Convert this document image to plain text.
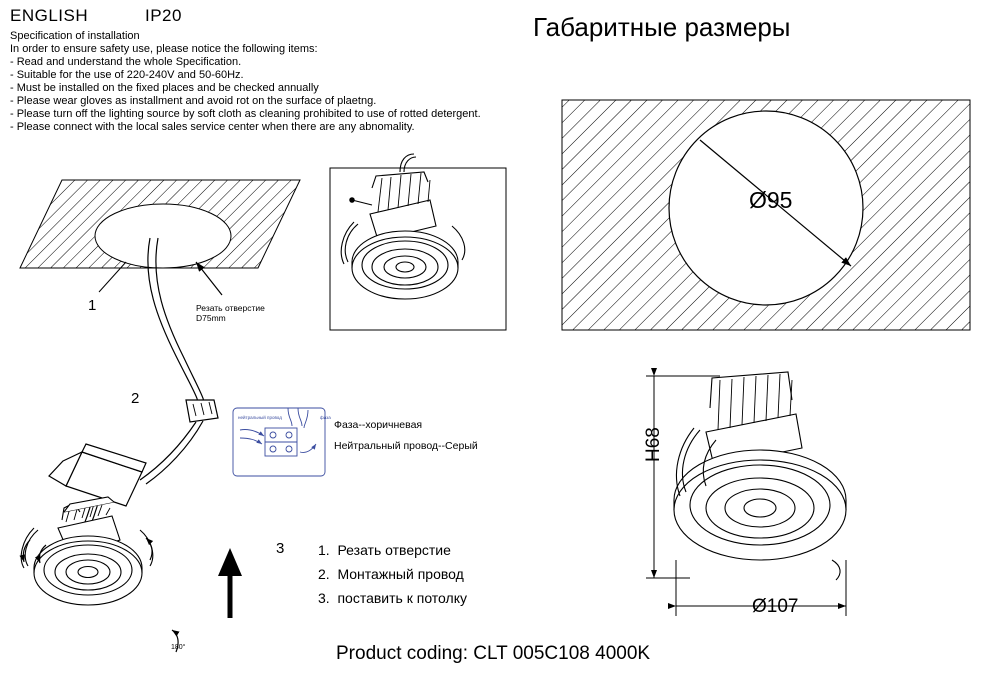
ENGLISH	IP20
Specification of installation
In order to ensure safety use, please notice the following items:
- Read and understand the whole Specification.
- Suitable for the use of 220-240V and 50-60Hz.
- Must be installed on the fixed places and be checked annually
- Please wear gloves as installment and avoid rot on the surface of plaetng.
- Please turn off the lighting source by soft cloth as cleaning prohibited to use of rotted detergent.
- Please connect with the local sales service center when there are any abnomality.
Габаритные размеры
Резать отверстие
D75mm
1
2
3
180°
нейтральный провод	фаза
Фаза--хоричневая
Нейтральный провод--Серый
1.  Резать отверстие
2.  Монтажный провод
3.  поставить к потолку
Ø95
H68
Ø107
Product coding: CLT 005C108 4000K
